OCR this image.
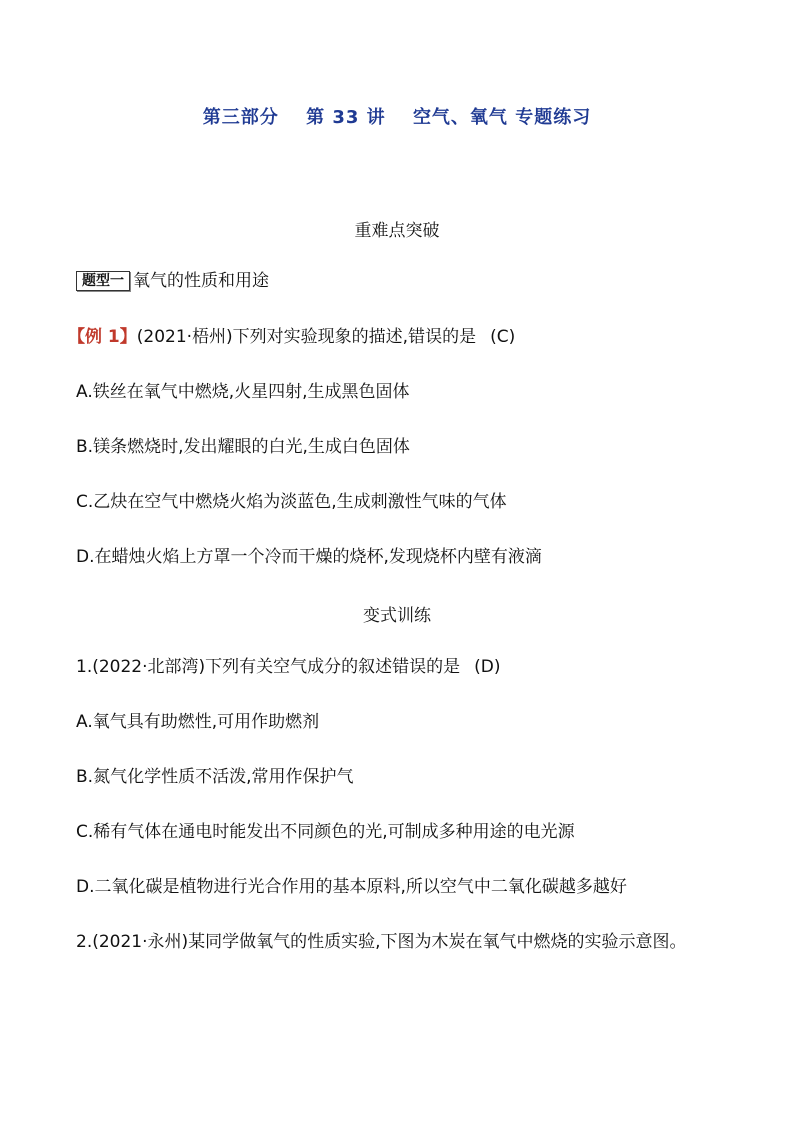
第三部分 第 33 讲 空气、氧气 专题练习
重难点突破
题型一 氧气的性质和用途
【例 1】(2021·梧州)下列对实验现象的描述,错误的是 (C)
A.铁丝在氧气中燃烧,火星四射,生成黑色固体
B.镁条燃烧时,发出耀眼的白光,生成白色固体
C.乙炔在空气中燃烧火焰为淡蓝色,生成刺激性气味的气体
D.在蜡烛火焰上方罩一个冷而干燥的烧杯,发现烧杯内壁有液滴
变式训练
1.(2022·北部湾)下列有关空气成分的叙述错误的是 (D)
A.氧气具有助燃性,可用作助燃剂
B.氮气化学性质不活泼,常用作保护气
C.稀有气体在通电时能发出不同颜色的光,可制成多种用途的电光源
D.二氧化碳是植物进行光合作用的基本原料,所以空气中二氧化碳越多越好
2.(2021·永州)某同学做氧气的性质实验,下图为木炭在氧气中燃烧的实验示意图。
